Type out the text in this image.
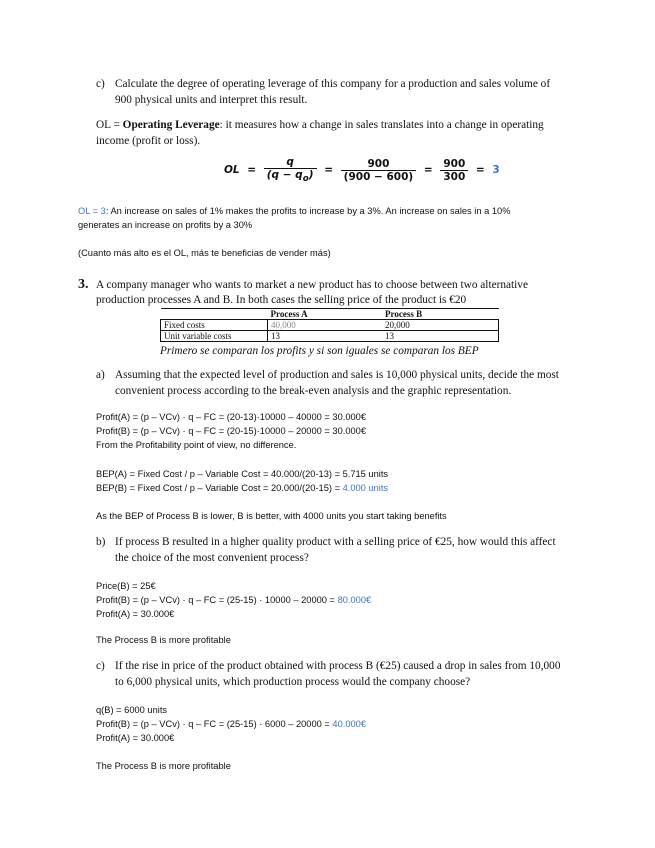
c) Calculate the degree of operating leverage of this company for a production and sales volume of
900 physical units and interpret this result.
OL = Operating Leverage: it measures how a change in sales translates into a change in operating
income (profit or loss).
OL = $\frac{q}{(q - q_o)} = \frac{900}{(900 - 600)} = \frac{900}{300} = 3$
OL = 3: An increase on sales of 1% makes the profits to increase by a 3%. An increase on sales in a 10%
generates an increase on profits by a 30%
(Cuanto más alto es el OL, más te beneficias de vender más)
3. A company manager who wants to market a new product has to choose between two alternative
production processes A and B. In both cases the selling price of the product is €20
	Process A	Process B
Fixed costs	40,000	20,000
Unit variable costs	13	13
Primero se comparan los profits y si son iguales se comparan los BEP
a) Assuming that the expected level of production and sales is 10,000 physical units, decide the most
convenient process according to the break-even analysis and the graphic representation.
Profit(A) = (p – VCv) · q – FC = (20-13)·10000 – 40000 = 30.000€
Profit(B) = (p – VCv) · q – FC = (20-15)·10000 – 20000 = 30.000€
From the Profitability point of view, no difference.
BEP(A) = Fixed Cost / p – Variable Cost = 40.000/(20-13) = 5.715 units
BEP(B) = Fixed Cost / p – Variable Cost = 20.000/(20-15) = 4.000 units
As the BEP of Process B is lower, B is better, with 4000 units you start taking benefits
b) If process B resulted in a higher quality product with a selling price of €25, how would this affect
the choice of the most convenient process?
Price(B) = 25€
Profit(B) = (p – VCv) · q – FC = (25-15) · 10000 – 20000 = 80.000€
Profit(A) = 30.000€
The Process B is more profitable
c) If the rise in price of the product obtained with process B (€25) caused a drop in sales from 10,000
to 6,000 physical units, which production process would the company choose?
q(B) = 6000 units
Profit(B) = (p – VCv) · q – FC = (25-15) · 6000 – 20000 = 40.000€
Profit(A) = 30.000€
The Process B is more profitable
